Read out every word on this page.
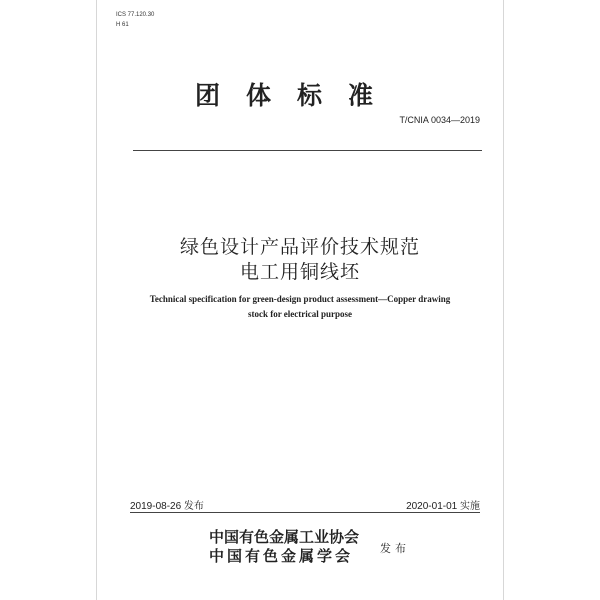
ICS 77.120.30
H 61
团体标准
T/CNIA 0034—2019
绿色设计产品评价技术规范
电工用铜线坯
Technical specification for green-design product assessment—Copper drawing
stock for electrical purpose
2019-08-26 发布	2020-01-01 实施
中国有色金属工业协会
中国有色金属学会 发布
